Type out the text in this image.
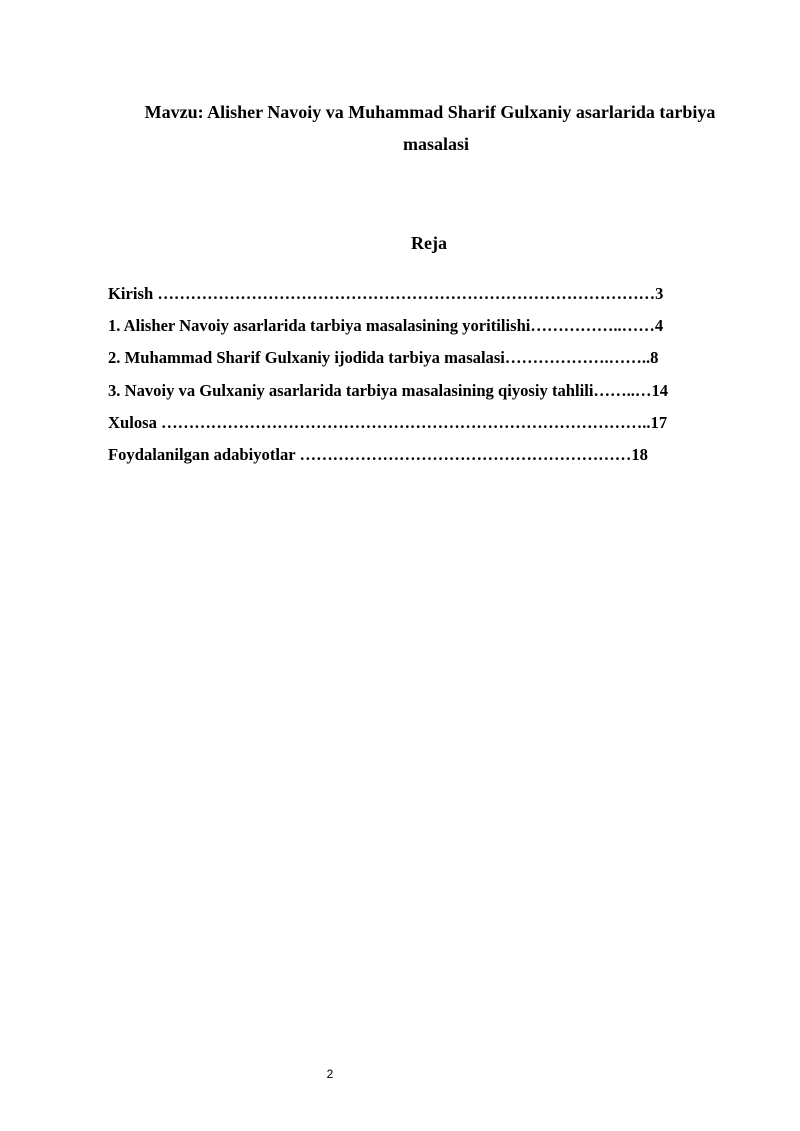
Mavzu: Alisher Navoiy va Muhammad Sharif Gulxaniy asarlarida tarbiya
masalasi
Reja
Kirish ………………………………………………………………………………3
1. Alisher Navoiy asarlarida tarbiya masalasining yoritilishi……………..……4
2. Muhammad Sharif Gulxaniy ijodida tarbiya masalasi……………….……..8
3. Navoiy va Gulxaniy asarlarida tarbiya masalasining qiyosiy tahlili……..…14
Xulosa ……………………………………………………………………………..17
Foydalanilgan adabiyotlar ……………………………………………………18
2
